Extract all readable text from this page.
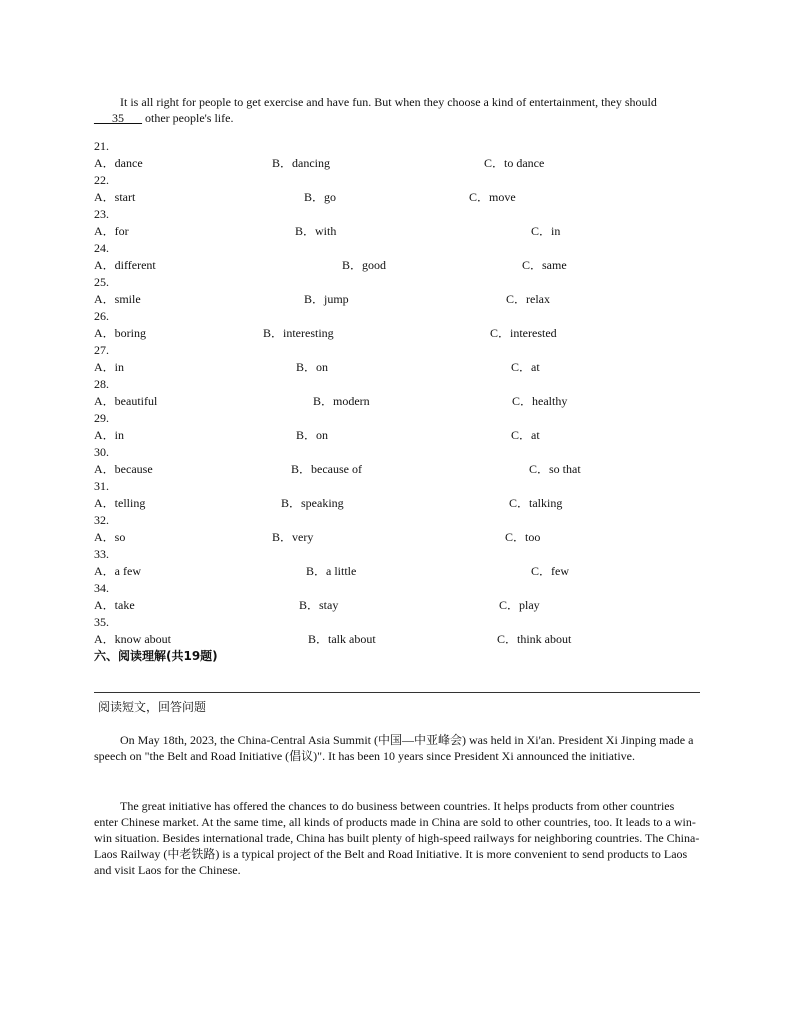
It is all right for people to get exercise and have fun. But when they choose a kind of entertainment, they should ___35___ other people's life.

21.
A．dance	B．dancing	C．to dance
22.
A．start	B．go	C．move
23.
A．for	B．with	C．in
24.
A．different	B．good	C．same
25.
A．smile	B．jump	C．relax
26.
A．boring	B．interesting	C．interested
27.
A．in	B．on	C．at
28.
A．beautiful	B．modern	C．healthy
29.
A．in	B．on	C．at
30.
A．because	B．because of	C．so that
31.
A．telling	B．speaking	C．talking
32.
A．so	B．very	C．too
33.
A．a few	B．a little	C．few
34.
A．take	B．stay	C．play
35.
A．know about	B．talk about	C．think about
六、阅读理解(共19题)
阅读短文，回答问题

On May 18th, 2023, the China-Central Asia Summit (中国—中亚峰会) was held in Xi'an. President Xi Jinping made a speech on "the Belt and Road Initiative (倡议)". It has been 10 years since President Xi announced the initiative.

The great initiative has offered the chances to do business between countries. It helps products from other countries enter Chinese market. At the same time, all kinds of products made in China are sold to other countries, too. It leads to a win-win situation. Besides international trade, China has built plenty of high-speed railways for neighboring countries. The China-Laos Railway (中老铁路) is a typical project of the Belt and Road Initiative. It is more convenient to send products to Laos and visit Laos for the Chinese.
